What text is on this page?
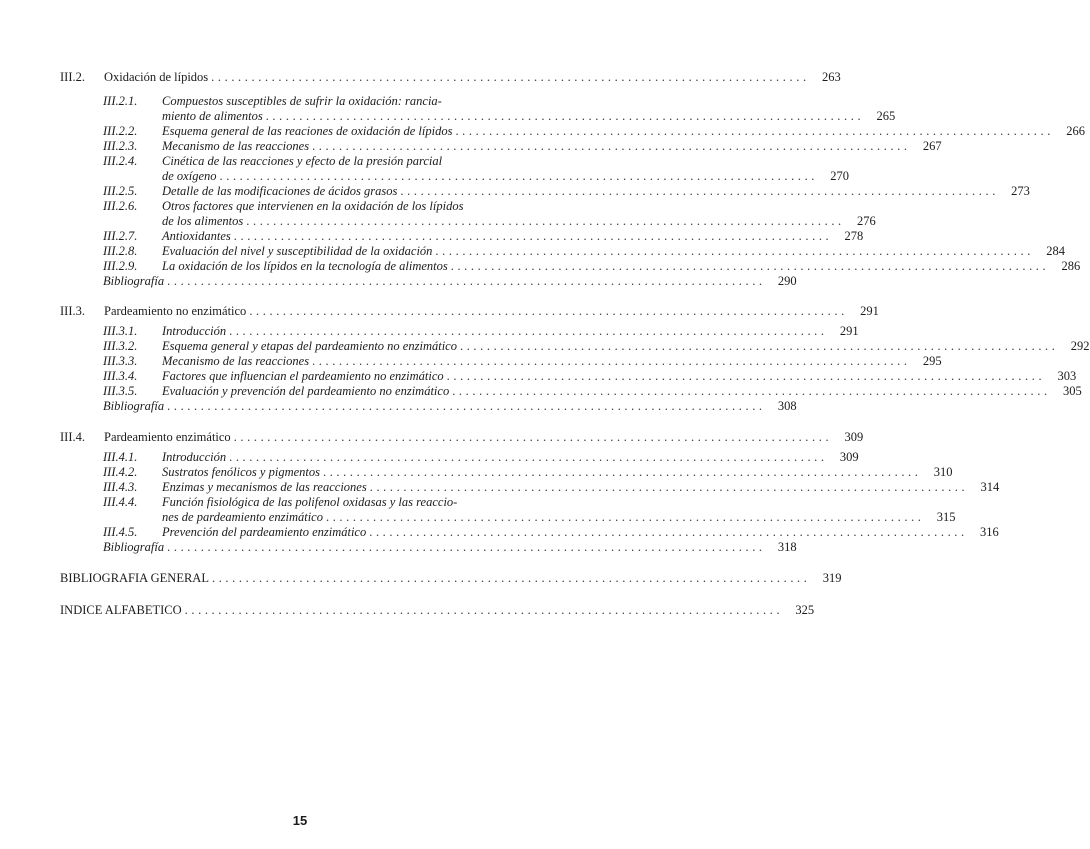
III.2.	Oxidación de lípidos ......................................................................................... 263
III.2.1.	Compuestos susceptibles de sufrir la oxidación: rancia-
miento de alimentos ......................................................................................... 265
III.2.2.	Esquema general de las reaciones de oxidación de lípidos ......................................................................................... 266
III.2.3.	Mecanismo de las reacciones ......................................................................................... 267
III.2.4.	Cinética de las reacciones y efecto de la presión parcial
de oxígeno ......................................................................................... 270
III.2.5.	Detalle de las modificaciones de ácidos grasos ......................................................................................... 273
III.2.6.	Otros factores que intervienen en la oxidación de los lípidos
de los alimentos ......................................................................................... 276
III.2.7.	Antioxidantes ......................................................................................... 278
III.2.8.	Evaluación del nivel y susceptibilidad de la oxidación ......................................................................................... 284
III.2.9.	La oxidación de los lípidos en la tecnología de alimentos ......................................................................................... 286
Bibliografía ......................................................................................... 290
III.3.	Pardeamiento no enzimático ......................................................................................... 291
III.3.1.	Introducción ......................................................................................... 291
III.3.2.	Esquema general y etapas del pardeamiento no enzimático ......................................................................................... 292
III.3.3.	Mecanismo de las reacciones ......................................................................................... 295
III.3.4.	Factores que influencian el pardeamiento no enzimático ......................................................................................... 303
III.3.5.	Evaluación y prevención del pardeamiento no enzimático ......................................................................................... 305
Bibliografía ......................................................................................... 308
III.4.	Pardeamiento enzimático ......................................................................................... 309
III.4.1.	Introducción ......................................................................................... 309
III.4.2.	Sustratos fenólicos y pigmentos ......................................................................................... 310
III.4.3.	Enzimas y mecanismos de las reacciones ......................................................................................... 314
III.4.4.	Función fisiológica de las polifenol oxidasas y las reaccio-
nes de pardeamiento enzimático ......................................................................................... 315
III.4.5.	Prevención del pardeamiento enzimático ......................................................................................... 316
Bibliografía ......................................................................................... 318
BIBLIOGRAFIA GENERAL ......................................................................................... 319
INDICE ALFABETICO ......................................................................................... 325
15
